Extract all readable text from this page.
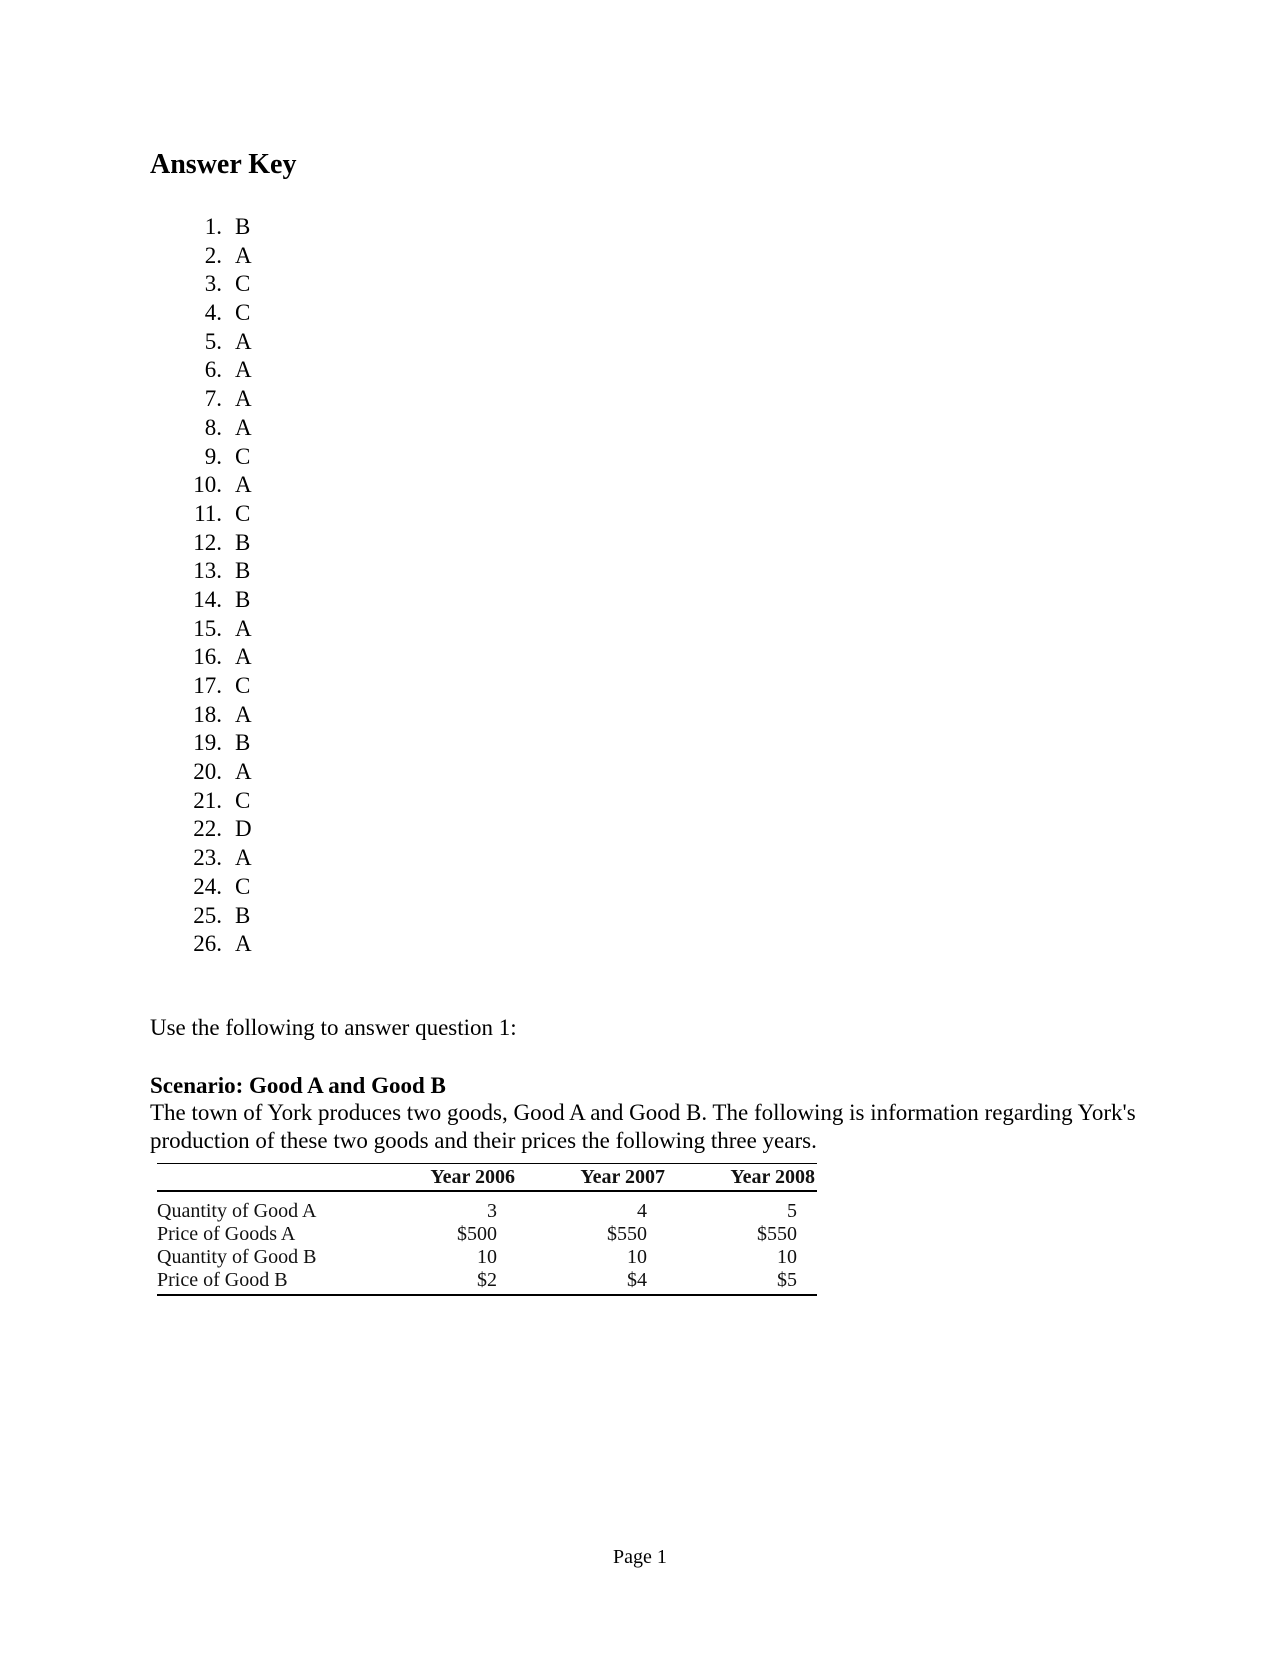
Answer Key
1. B
2. A
3. C
4. C
5. A
6. A
7. A
8. A
9. C
10. A
11. C
12. B
13. B
14. B
15. A
16. A
17. C
18. A
19. B
20. A
21. C
22. D
23. A
24. C
25. B
26. A

Use the following to answer question 1:

Scenario: Good A and Good B

The town of York produces two goods, Good A and Good B. The following is information regarding York's production of these two goods and their prices the following three years.

	Year 2006	Year 2007	Year 2008

Quantity of Good A	3	4	5
Price of Goods A	$500	$550	$550
Quantity of Good B	10	10	10
Price of Good B	$2	$4	$5

Page 1
